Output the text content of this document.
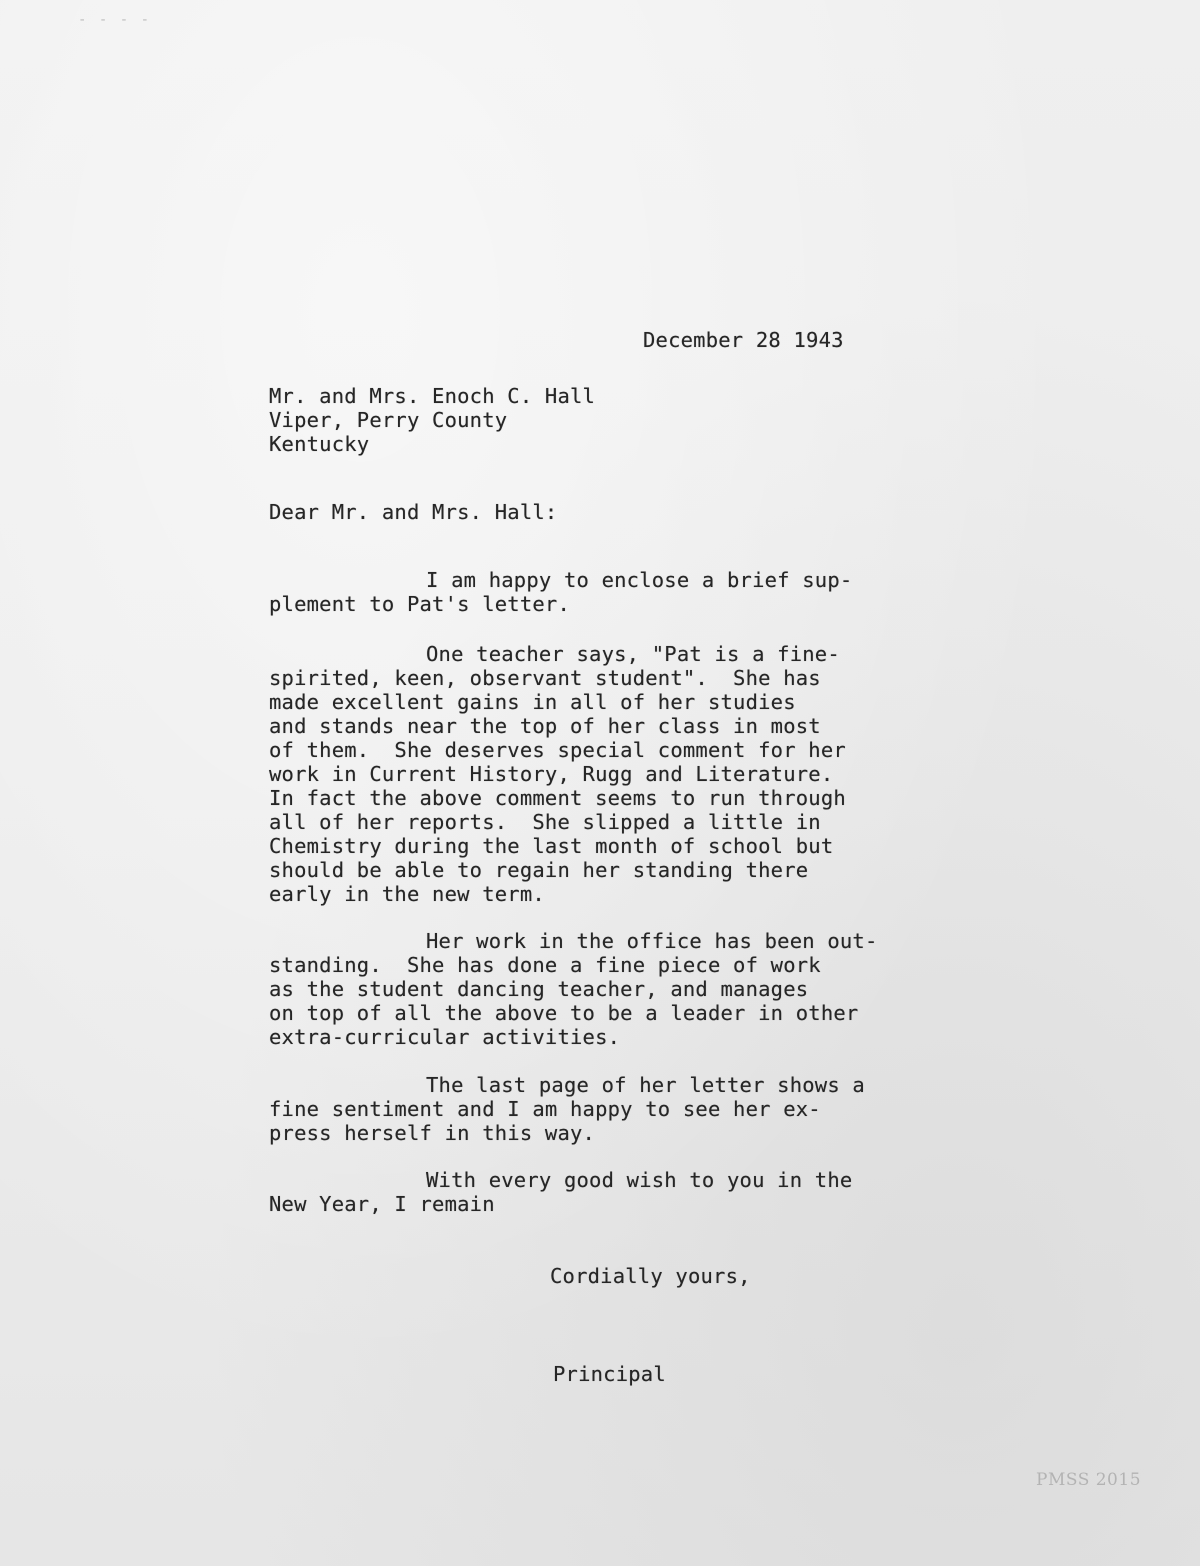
- - - -
December 28 1943
Mr. and Mrs. Enoch C. Hall
Viper, Perry County
Kentucky
Dear Mr. and Mrs. Hall:
I am happy to enclose a brief sup-
plement to Pat's letter.
One teacher says, "Pat is a fine-
spirited, keen, observant student".  She has
made excellent gains in all of her studies
and stands near the top of her class in most
of them.  She deserves special comment for her
work in Current History, Rugg and Literature.
In fact the above comment seems to run through
all of her reports.  She slipped a little in
Chemistry during the last month of school but
should be able to regain her standing there
early in the new term.
Her work in the office has been out-
standing.  She has done a fine piece of work
as the student dancing teacher, and manages
on top of all the above to be a leader in other
extra-curricular activities.
The last page of her letter shows a
fine sentiment and I am happy to see her ex-
press herself in this way.
With every good wish to you in the
New Year, I remain
Cordially yours,
Principal
PMSS 2015
